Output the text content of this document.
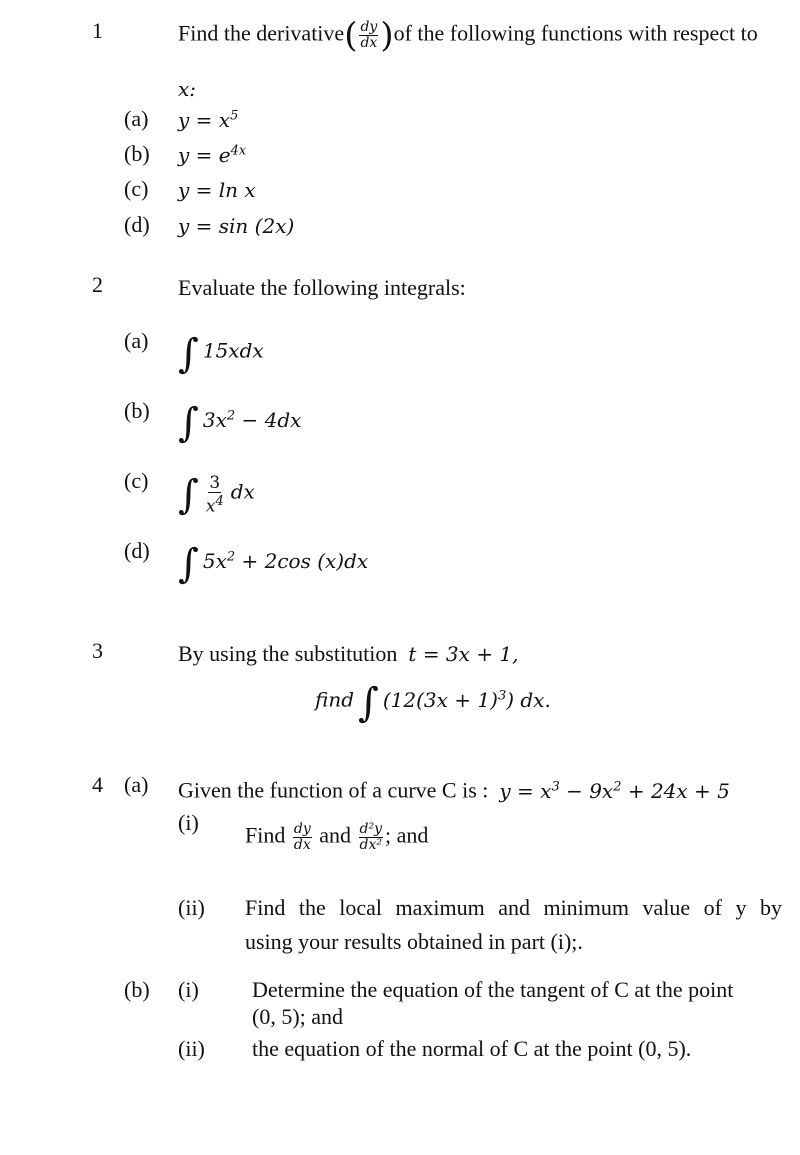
1	Find the derivative( $\frac{dy}{dx} )of$ the following functions with respect to
x:
(a) $y = x^5$
(b) $y = e^{4x}$
(c) y = ln x
(d) y = sin (2x)
2	Evaluate the following integrals:
(a) ∫ 15xdx
(b) ∫ $3x^2 - 4dx$
(c) ∫ $\frac{3}{x^4}$ dx
(d) ∫ $5x^2 + 2\cos$ (x)dx
3	By using the substitution t = 3x + 1,
find ∫ $(12(3x + 1)^3)$ dx.
4 (a) Given the function of a curve C is : $y = x^3 - 9x^2 + 24x + 5$
(i)
Find $\frac{dy}{dx}$ and $\frac{\text{d²y}}{\text{dx²}}$ ; and
(ii) Find the local maximum and minimum value of y by
using your results obtained in part (i);.
(b) (i) Determine the equation of the tangent of C at the point
(0, 5); and
(ii) the equation of the normal of C at the point (0, 5).
